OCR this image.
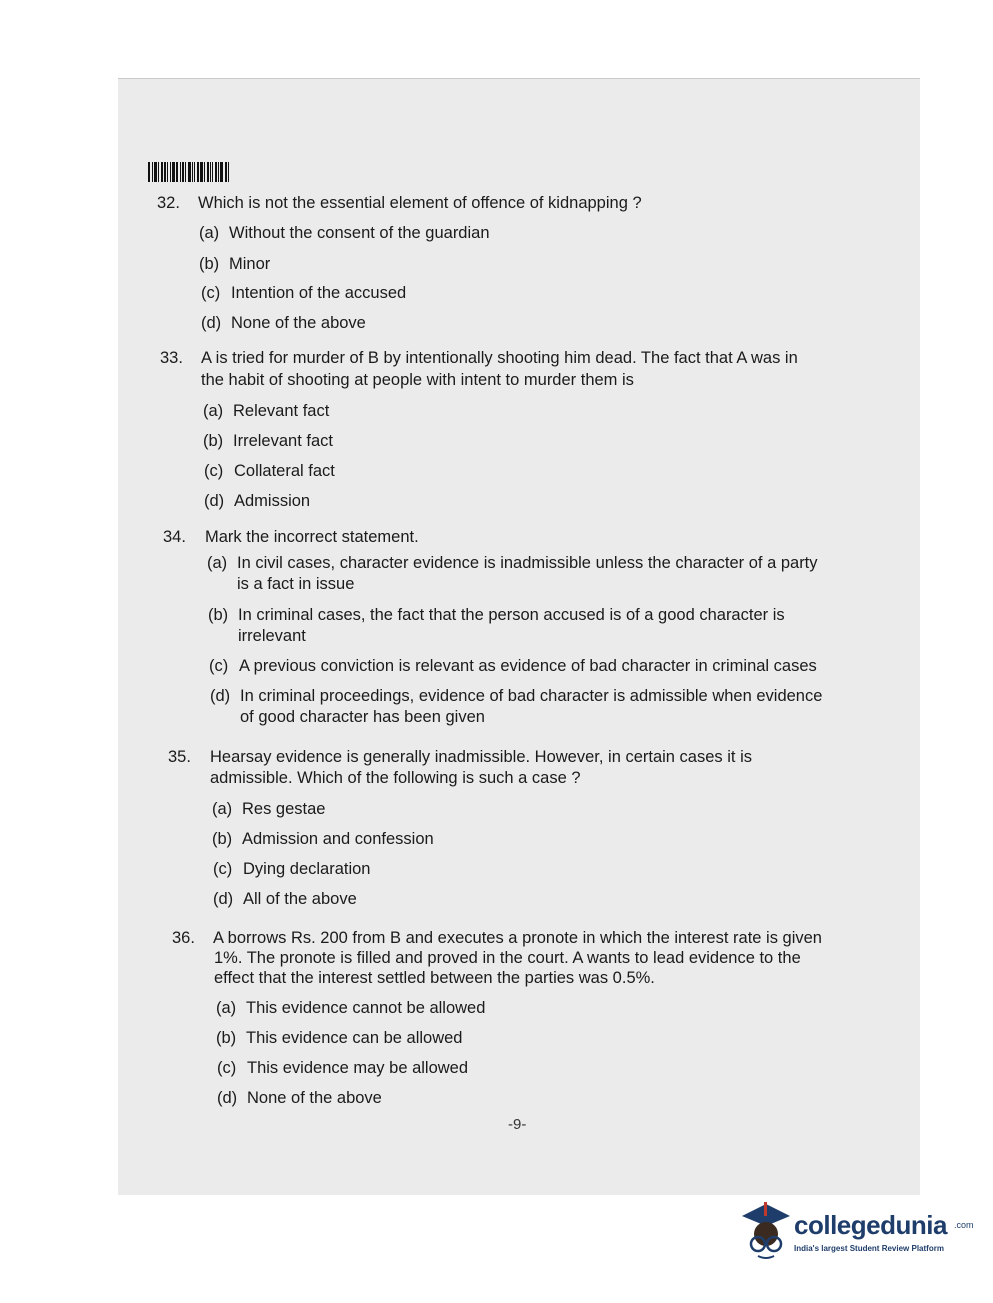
32.	Which is not the essential element of offence of kidnapping ?
(a) Without the consent of the guardian
(b) Minor
(c) Intention of the accused
(d) None of the above
33.	A is tried for murder of B by intentionally shooting him dead. The fact that A was in
the habit of shooting at people with intent to murder them is
(a) Relevant fact
(b) Irrelevant fact
(c) Collateral fact
(d) Admission
34.	Mark the incorrect statement.
(a) In civil cases, character evidence is inadmissible unless the character of a party
is a fact in issue
(b) In criminal cases, the fact that the person accused is of a good character is
irrelevant
(c) A previous conviction is relevant as evidence of bad character in criminal cases
(d) In criminal proceedings, evidence of bad character is admissible when evidence
of good character has been given
35.	Hearsay evidence is generally inadmissible. However, in certain cases it is
admissible. Which of the following is such a case ?
(a) Res gestae
(b) Admission and confession
(c) Dying declaration
(d) All of the above
36.	A borrows Rs. 200 from B and executes a pronote in which the interest rate is given
1%. The pronote is filled and proved in the court. A wants to lead evidence to the
effect that the interest settled between the parties was 0.5%.
(a) This evidence cannot be allowed
(b) This evidence can be allowed
(c) This evidence may be allowed
(d) None of the above
-9-
collegedunia .com
India's largest Student Review Platform
